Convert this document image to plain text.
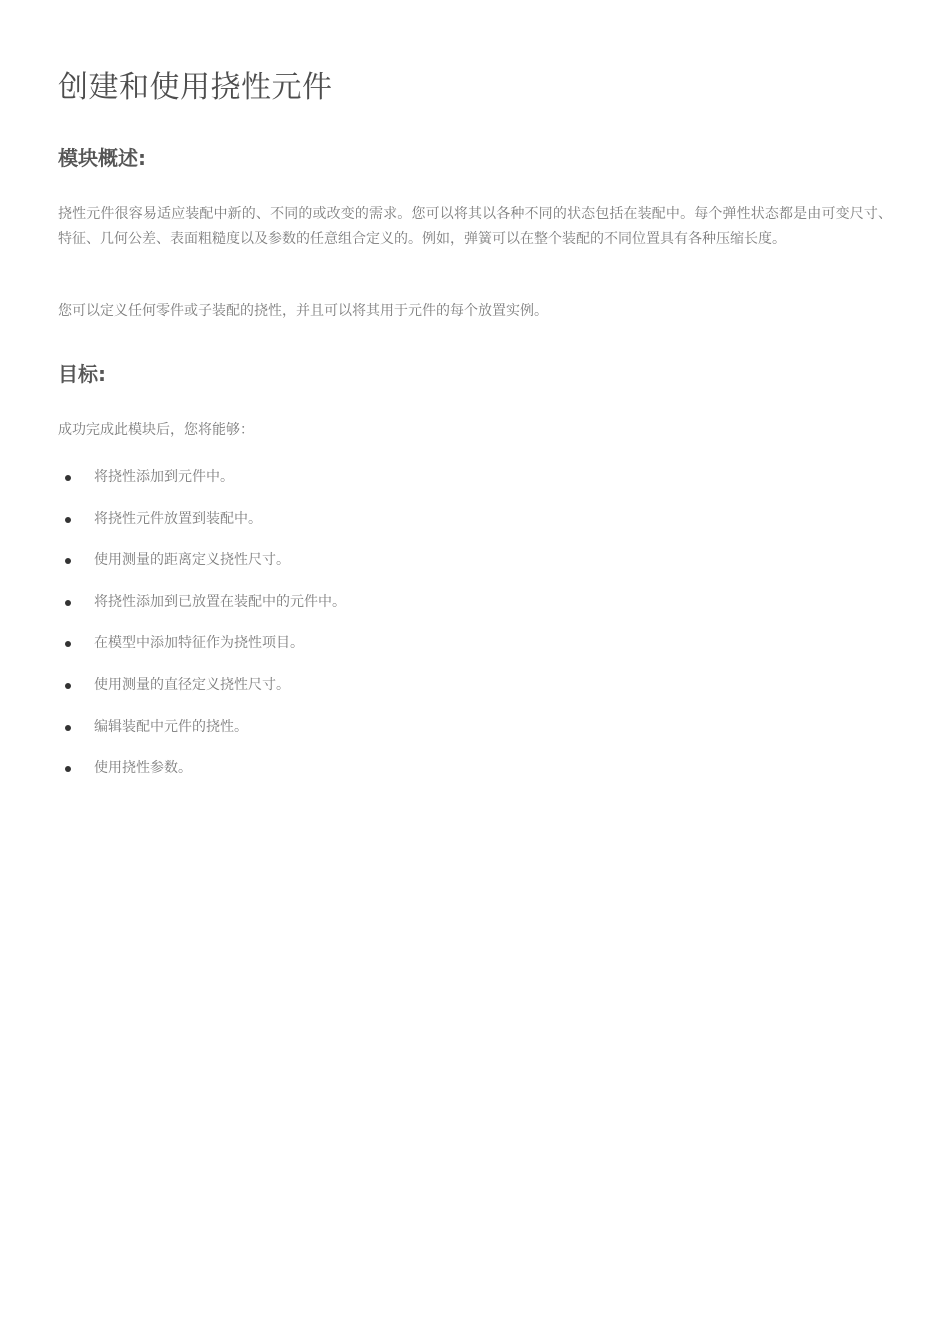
创建和使用挠性元件
模块概述:

挠性元件很容易适应装配中新的、不同的或改变的需求。您可以将其以各种不同的状态包括在装配中。每个弹性状态都是由可变尺寸、特征、几何公差、表面粗糙度以及参数的任意组合定义的。例如，弹簧可以在整个装配的不同位置具有各种压缩长度。

您可以定义任何零件或子装配的挠性，并且可以将其用于元件的每个放置实例。

目标:

成功完成此模块后，您将能够：

将挠性添加到元件中。
将挠性元件放置到装配中。
使用测量的距离定义挠性尺寸。
将挠性添加到已放置在装配中的元件中。
在模型中添加特征作为挠性项目。
使用测量的直径定义挠性尺寸。
编辑装配中元件的挠性。
使用挠性参数。
